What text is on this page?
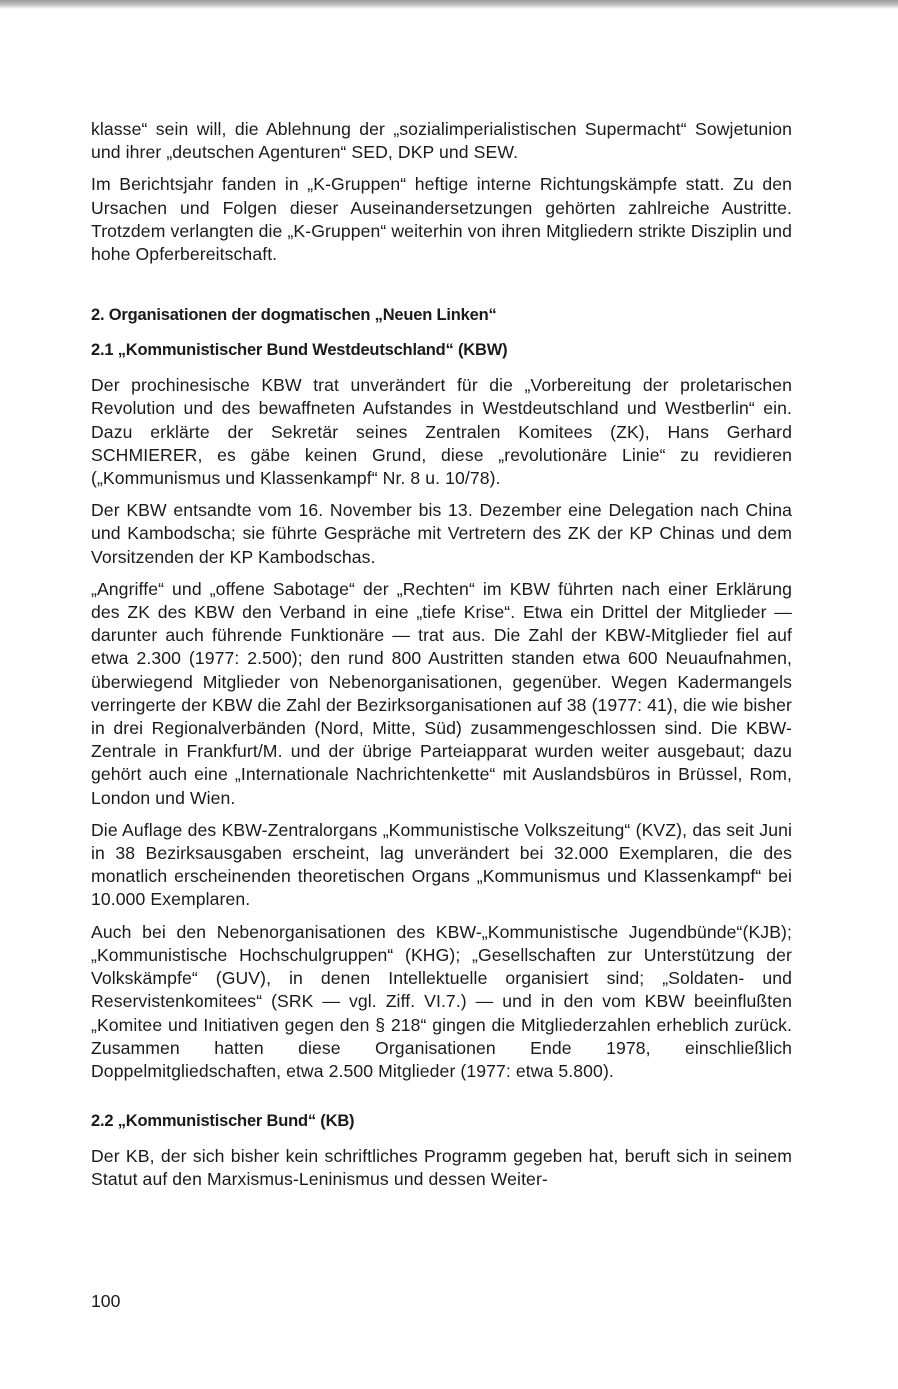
klasse“ sein will, die Ablehnung der „sozialimperialistischen Supermacht“ Sowjetunion und ihrer „deutschen Agenturen“ SED, DKP und SEW.

Im Berichtsjahr fanden in „K-Gruppen“ heftige interne Richtungskämpfe statt. Zu den Ursachen und Folgen dieser Auseinandersetzungen gehörten zahlreiche Austritte. Trotzdem verlangten die „K-Gruppen“ weiterhin von ihren Mitgliedern strikte Disziplin und hohe Opferbereitschaft.

2. Organisationen der dogmatischen „Neuen Linken“
2.1 „Kommunistischer Bund Westdeutschland“ (KBW)

Der prochinesische KBW trat unverändert für die „Vorbereitung der proletarischen Revolution und des bewaffneten Aufstandes in Westdeutschland und Westberlin“ ein. Dazu erklärte der Sekretär seines Zentralen Komitees (ZK), Hans Gerhard SCHMIERER, es gäbe keinen Grund, diese „revolutionäre Linie“ zu revidieren („Kommunismus und Klassenkampf“ Nr. 8 u. 10/78).

Der KBW entsandte vom 16. November bis 13. Dezember eine Delegation nach China und Kambodscha; sie führte Gespräche mit Vertretern des ZK der KP Chinas und dem Vorsitzenden der KP Kambodschas.

„Angriffe“ und „offene Sabotage“ der „Rechten“ im KBW führten nach einer Erklärung des ZK des KBW den Verband in eine „tiefe Krise“. Etwa ein Drittel der Mitglieder — darunter auch führende Funktionäre — trat aus. Die Zahl der KBW-Mitglieder fiel auf etwa 2.300 (1977: 2.500); den rund 800 Austritten standen etwa 600 Neuaufnahmen, überwiegend Mitglieder von Nebenorganisationen, gegenüber. Wegen Kadermangels verringerte der KBW die Zahl der Bezirksorganisationen auf 38 (1977: 41), die wie bisher in drei Regionalverbänden (Nord, Mitte, Süd) zusammengeschlossen sind. Die KBW-Zentrale in Frankfurt/M. und der übrige Parteiapparat wurden weiter ausgebaut; dazu gehört auch eine „Internationale Nachrichtenkette“ mit Auslandsbüros in Brüssel, Rom, London und Wien.

Die Auflage des KBW-Zentralorgans „Kommunistische Volkszeitung“ (KVZ), das seit Juni in 38 Bezirksausgaben erscheint, lag unverändert bei 32.000 Exemplaren, die des monatlich erscheinenden theoretischen Organs „Kommunismus und Klassenkampf“ bei 10.000 Exemplaren.

Auch bei den Nebenorganisationen des KBW-„Kommunistische Jugendbünde“(KJB); „Kommunistische Hochschulgruppen“ (KHG); „Gesellschaften zur Unterstützung der Volkskämpfe“ (GUV), in denen Intellektuelle organisiert sind; „Soldaten- und Reservistenkomitees“ (SRK — vgl. Ziff. VI.7.) — und in den vom KBW beeinflußten „Komitee und Initiativen gegen den § 218“ gingen die Mitgliederzahlen erheblich zurück. Zusammen hatten diese Organisationen Ende 1978, einschließlich Doppelmitgliedschaften, etwa 2.500 Mitglieder (1977: etwa 5.800).

2.2 „Kommunistischer Bund“ (KB)

Der KB, der sich bisher kein schriftliches Programm gegeben hat, beruft sich in seinem Statut auf den Marxismus-Leninismus und dessen Weiter-

100
